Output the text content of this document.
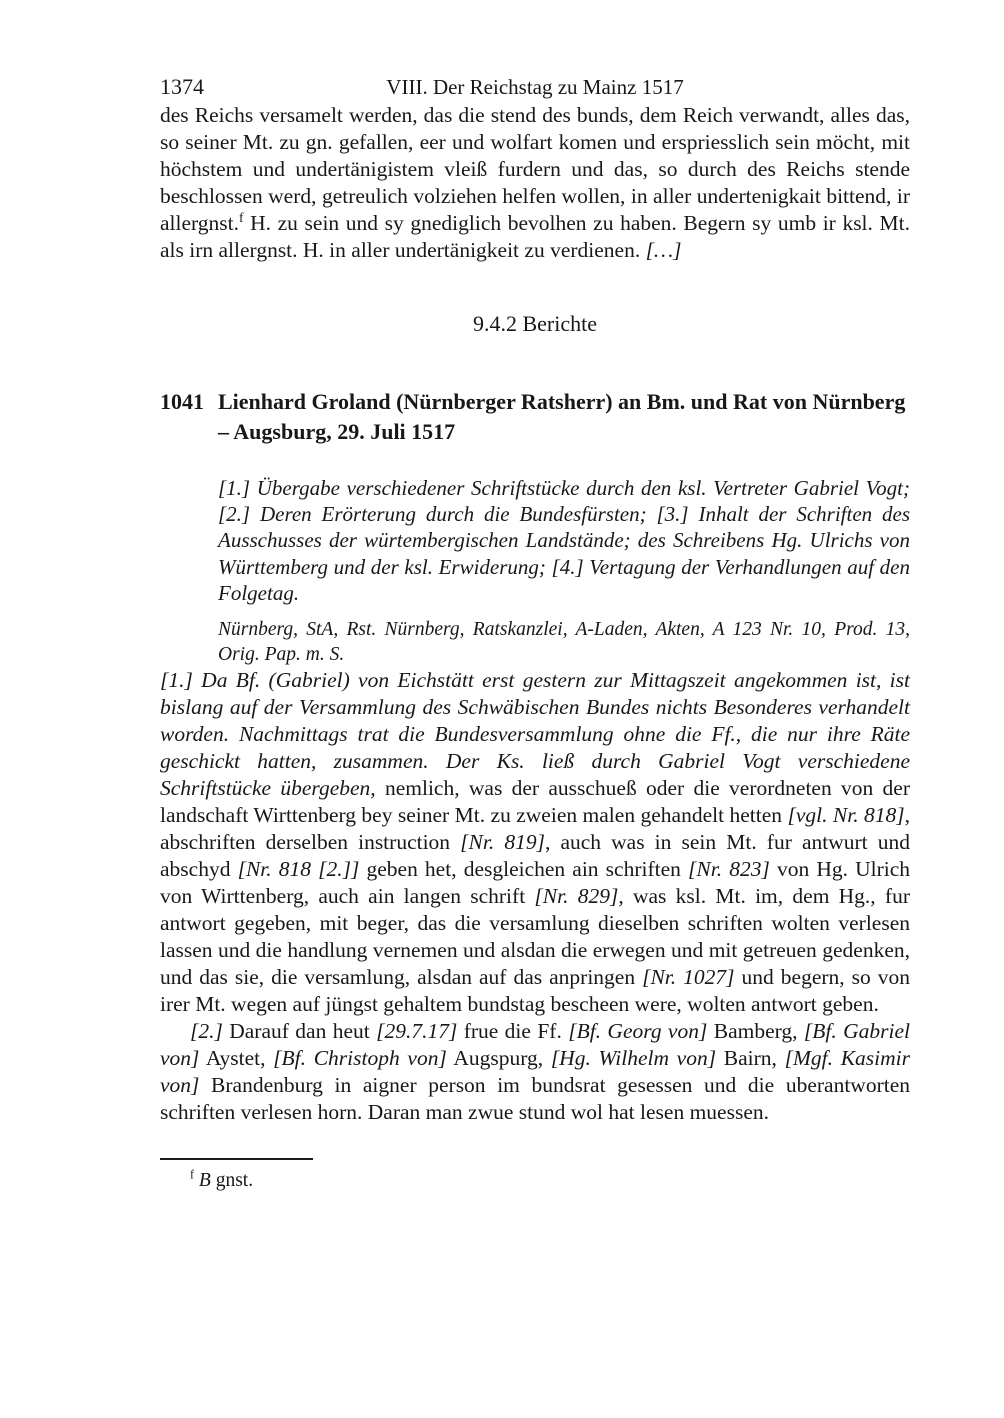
1374	VIII. Der Reichstag zu Mainz 1517

des Reichs versamelt werden, das die stend des bunds, dem Reich verwandt, alles das, so seiner Mt. zu gn. gefallen, eer und wolfart komen und erspriesslich sein möcht, mit höchstem und undertänigistem vleiß furdern und das, so durch des Reichs stende beschlossen werd, getreulich volziehen helfen wollen, in aller undertenigkait bittend, ir allergnst.$^f$ H. zu sein und sy gnediglich bevolhen zu haben. Begern sy umb ir ksl. Mt. als irn allergnst. H. in aller undertänigkeit zu verdienen. […]

9.4.2 Berichte
1041 Lienhard Groland (Nürnberger Ratsherr) an Bm. und Rat von Nürnberg – Augsburg, 29. Juli 1517

[1.] Übergabe verschiedener Schriftstücke durch den ksl. Vertreter Gabriel Vogt; [2.] Deren Erörterung durch die Bundesfürsten; [3.] Inhalt der Schriften des Ausschusses der würtembergischen Landstände; des Schreibens Hg. Ulrichs von Württemberg und der ksl. Erwiderung; [4.] Vertagung der Verhandlungen auf den Folgetag.

Nürnberg, StA, Rst. Nürnberg, Ratskanzlei, A-Laden, Akten, A 123 Nr. 10, Prod. 13, Orig. Pap. m. S.

[1.] Da Bf. (Gabriel) von Eichstätt erst gestern zur Mittagszeit angekommen ist, ist bislang auf der Versammlung des Schwäbischen Bundes nichts Besonderes verhandelt worden. Nachmittags trat die Bundesversammlung ohne die Ff., die nur ihre Räte geschickt hatten, zusammen. Der Ks. ließ durch Gabriel Vogt verschiedene Schriftstücke übergeben, nemlich, was der ausschueß oder die verordneten von der landschaft Wirttenberg bey seiner Mt. zu zweien malen gehandelt hetten [vgl. Nr. 818], abschriften derselben instruction [Nr. 819], auch was in sein Mt. fur antwurt und abschyd [Nr. 818 [2.]] geben het, desgleichen ain schriften [Nr. 823] von Hg. Ulrich von Wirttenberg, auch ain langen schrift [Nr. 829], was ksl. Mt. im, dem Hg., fur antwort gegeben, mit beger, das die versamlung dieselben schriften wolten verlesen lassen und die handlung vernemen und alsdan die erwegen und mit getreuen gedenken, und das sie, die versamlung, alsdan auf das anpringen [Nr. 1027] und begern, so von irer Mt. wegen auf jüngst gehaltem bundstag bescheen were, wolten antwort geben.

[2.] Darauf dan heut [29.7.17] frue die Ff. [Bf. Georg von] Bamberg, [Bf. Gabriel von] Aystet, [Bf. Christoph von] Augspurg, [Hg. Wilhelm von] Bairn, [Mgf. Kasimir von] Brandenburg in aigner person im bundsrat gesessen und die uberantworten schriften verlesen horn. Daran man zwue stund wol hat lesen muessen.

$^f$ B gnst.
